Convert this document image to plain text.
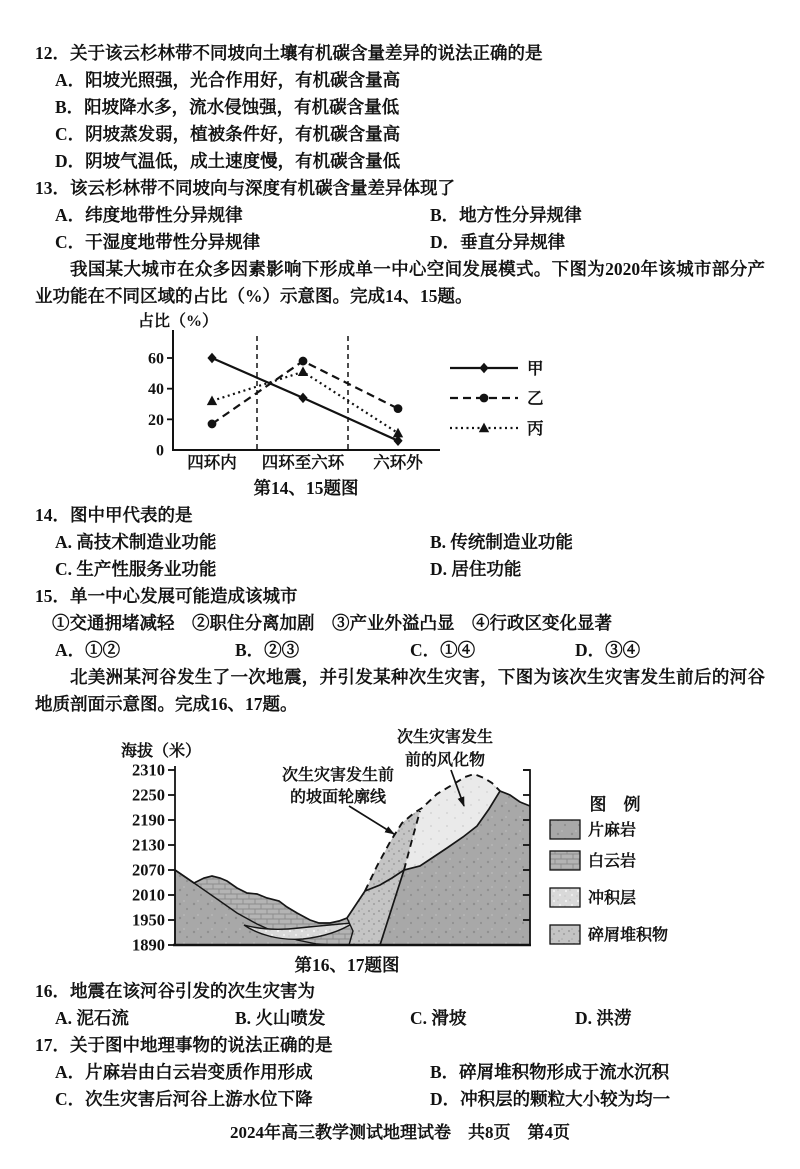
12．关于该云杉林带不同坡向土壤有机碳含量差异的说法正确的是
A．阳坡光照强，光合作用好，有机碳含量高
B．阳坡降水多，流水侵蚀强，有机碳含量低
C．阴坡蒸发弱，植被条件好，有机碳含量高
D．阴坡气温低，成土速度慢，有机碳含量低
13．该云杉林带不同坡向与深度有机碳含量差异体现了
A．纬度地带性分异规律	B．地方性分异规律
C．干湿度地带性分异规律	D．垂直分异规律

我国某大城市在众多因素影响下形成单一中心空间发展模式。下图为2020年该城市部分产业功能在不同区域的占比（%）示意图。完成14、15题。

占比（%）
0
20
40
60
四环内 四环至六环 六环外
甲
乙
丙
第14、15题图
14．图中甲代表的是
A. 高技术制造业功能	B. 传统制造业功能
C. 生产性服务业功能	D. 居住功能
15．单一中心发展可能造成该城市
①交通拥堵减轻　②职住分离加剧　③产业外溢凸显　④行政区变化显著
A．①②	B．②③	C．①④	D．③④

北美洲某河谷发生了一次地震，并引发某种次生灾害，下图为该次生灾害发生前后的河谷地质剖面示意图。完成16、17题。

海拔（米）
2310
2250
2190
2130
2070
2010
1950
1890
图　例
片麻岩
白云岩
冲积层
碎屑堆积物
次生灾害发生前
的坡面轮廓线
次生灾害发生
前的风化物
第16、17题图
16．地震在该河谷引发的次生灾害为
A. 泥石流	B. 火山喷发	C. 滑坡	D. 洪涝
17．关于图中地理事物的说法正确的是
A．片麻岩由白云岩变质作用形成	B．碎屑堆积物形成于流水沉积
C．次生灾害后河谷上游水位下降	D．冲积层的颗粒大小较为均一
2024年高三教学测试地理试卷　共8页　第4页
